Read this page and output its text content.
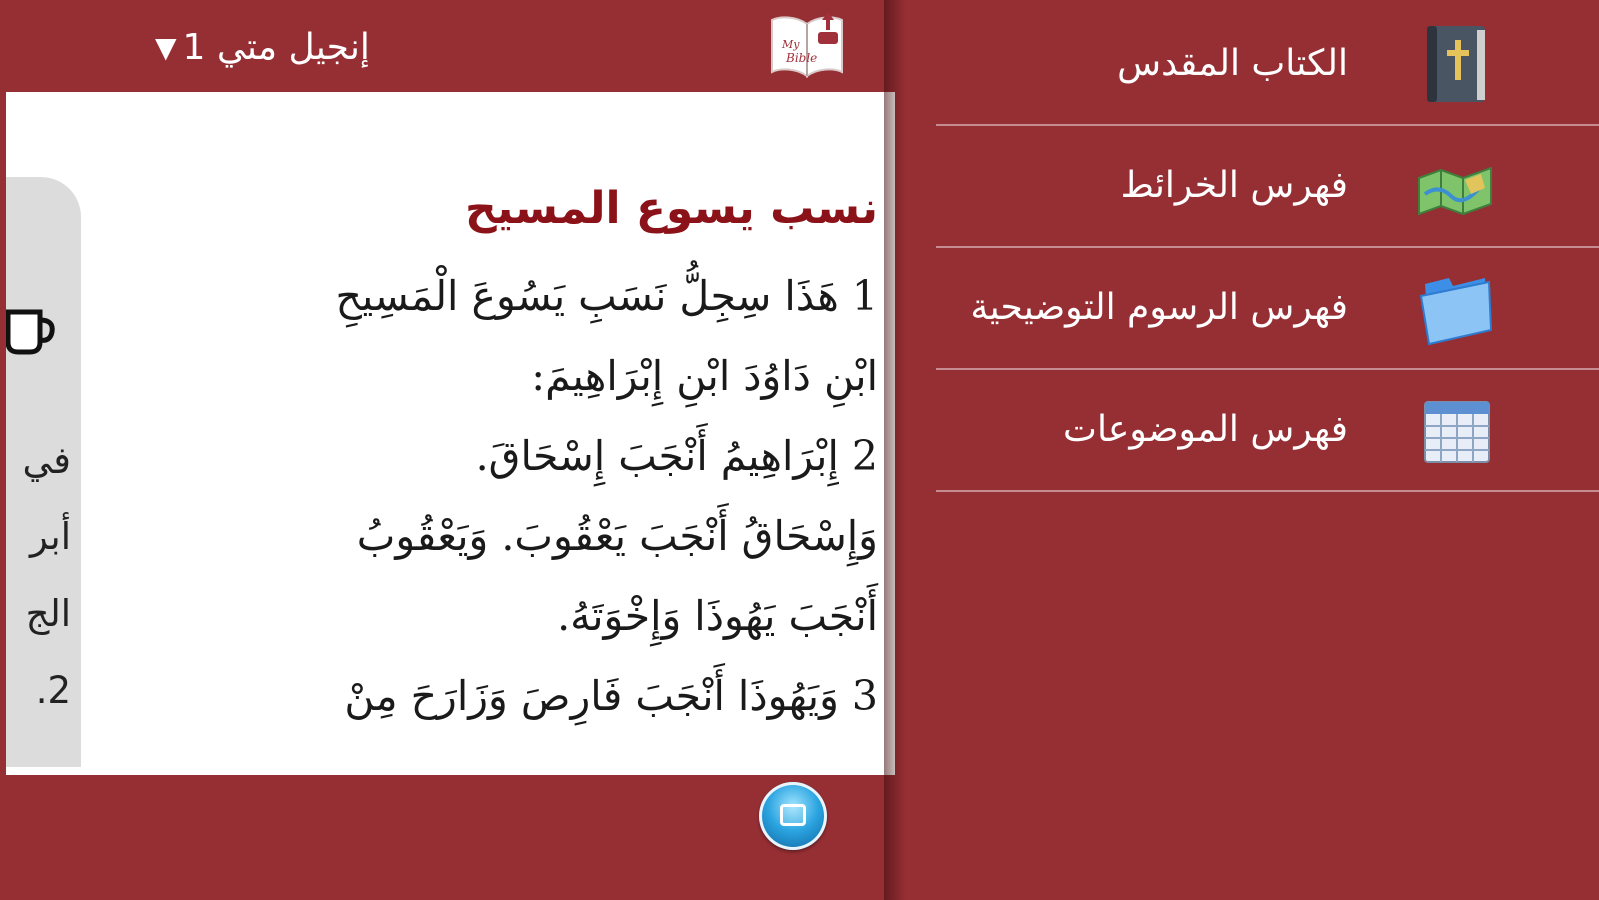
إنجيل متي 1
▼	My
Bible
في
أبر
الج
2.

نسب يسوع المسيح

1 هَذَا سِجِلُّ نَسَبِ يَسُوعَ الْمَسِيحِ

ابْنِ دَاوُدَ ابْنِ إِبْرَاهِيمَ:

2 إِبْرَاهِيمُ أَنْجَبَ إِسْحَاقَ.

وَإِسْحَاقُ أَنْجَبَ يَعْقُوبَ. وَيَعْقُوبُ

أَنْجَبَ يَهُوذَا وَإِخْوَتَهُ.

3 وَيَهُوذَا أَنْجَبَ فَارِصَ وَزَارَحَ مِنْ

الكتاب المقدس
فهرس الخرائط
فهرس الرسوم التوضيحية
فهرس الموضوعات
